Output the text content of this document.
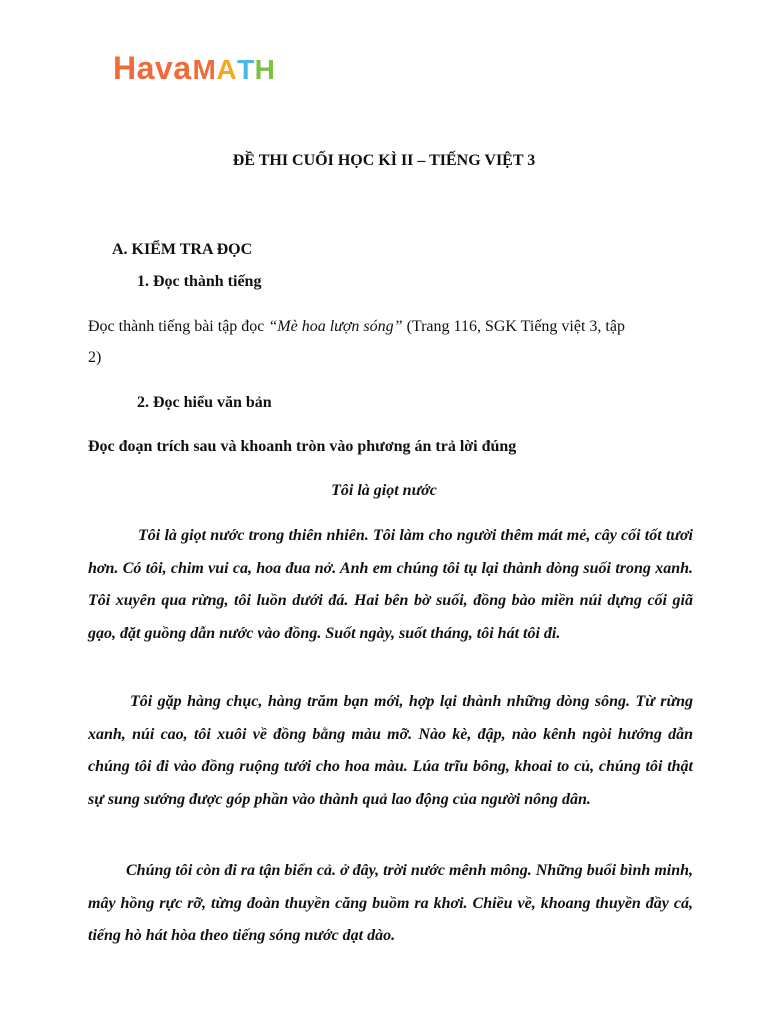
Hava M A T H
ĐỀ THI CUỐI HỌC KÌ II – TIẾNG VIỆT 3
A. KIỂM TRA ĐỌC
1. Đọc thành tiếng
Đọc thành tiếng bài tập đọc “Mè hoa lượn sóng” (Trang 116, SGK Tiếng việt 3, tập
2)
2. Đọc hiểu văn bản
Đọc đoạn trích sau và khoanh tròn vào phương án trả lời đúng
Tôi là giọt nước
Tôi là giọt nước trong thiên nhiên. Tôi làm cho người thêm mát mẻ, cây cối tốt tươi hơn. Có tôi, chim vui ca, hoa đua nở. Anh em chúng tôi tụ lại thành dòng suối trong xanh. Tôi xuyên qua rừng, tôi luồn dưới đá. Hai bên bờ suối, đồng bào miền núi dựng cối giã gạo, đặt guồng dẫn nước vào đồng. Suốt ngày, suốt tháng, tôi hát tôi đi.
Tôi gặp hàng chục, hàng trăm bạn mới, hợp lại thành những dòng sông. Từ rừng xanh, núi cao, tôi xuôi về đồng bằng màu mỡ. Nào kè, đập, nào kênh ngòi hướng dẫn chúng tôi đi vào đồng ruộng tưới cho hoa màu. Lúa trĩu bông, khoai to củ, chúng tôi thật sự sung sướng được góp phần vào thành quả lao động của người nông dân.
Chúng tôi còn đi ra tận biển cả. ở đây, trời nước mênh mông. Những buổi bình minh, mây hồng rực rỡ, từng đoàn thuyền căng buồm ra khơi. Chiều về, khoang thuyền đầy cá, tiếng hò hát hòa theo tiếng sóng nước dạt dào.
